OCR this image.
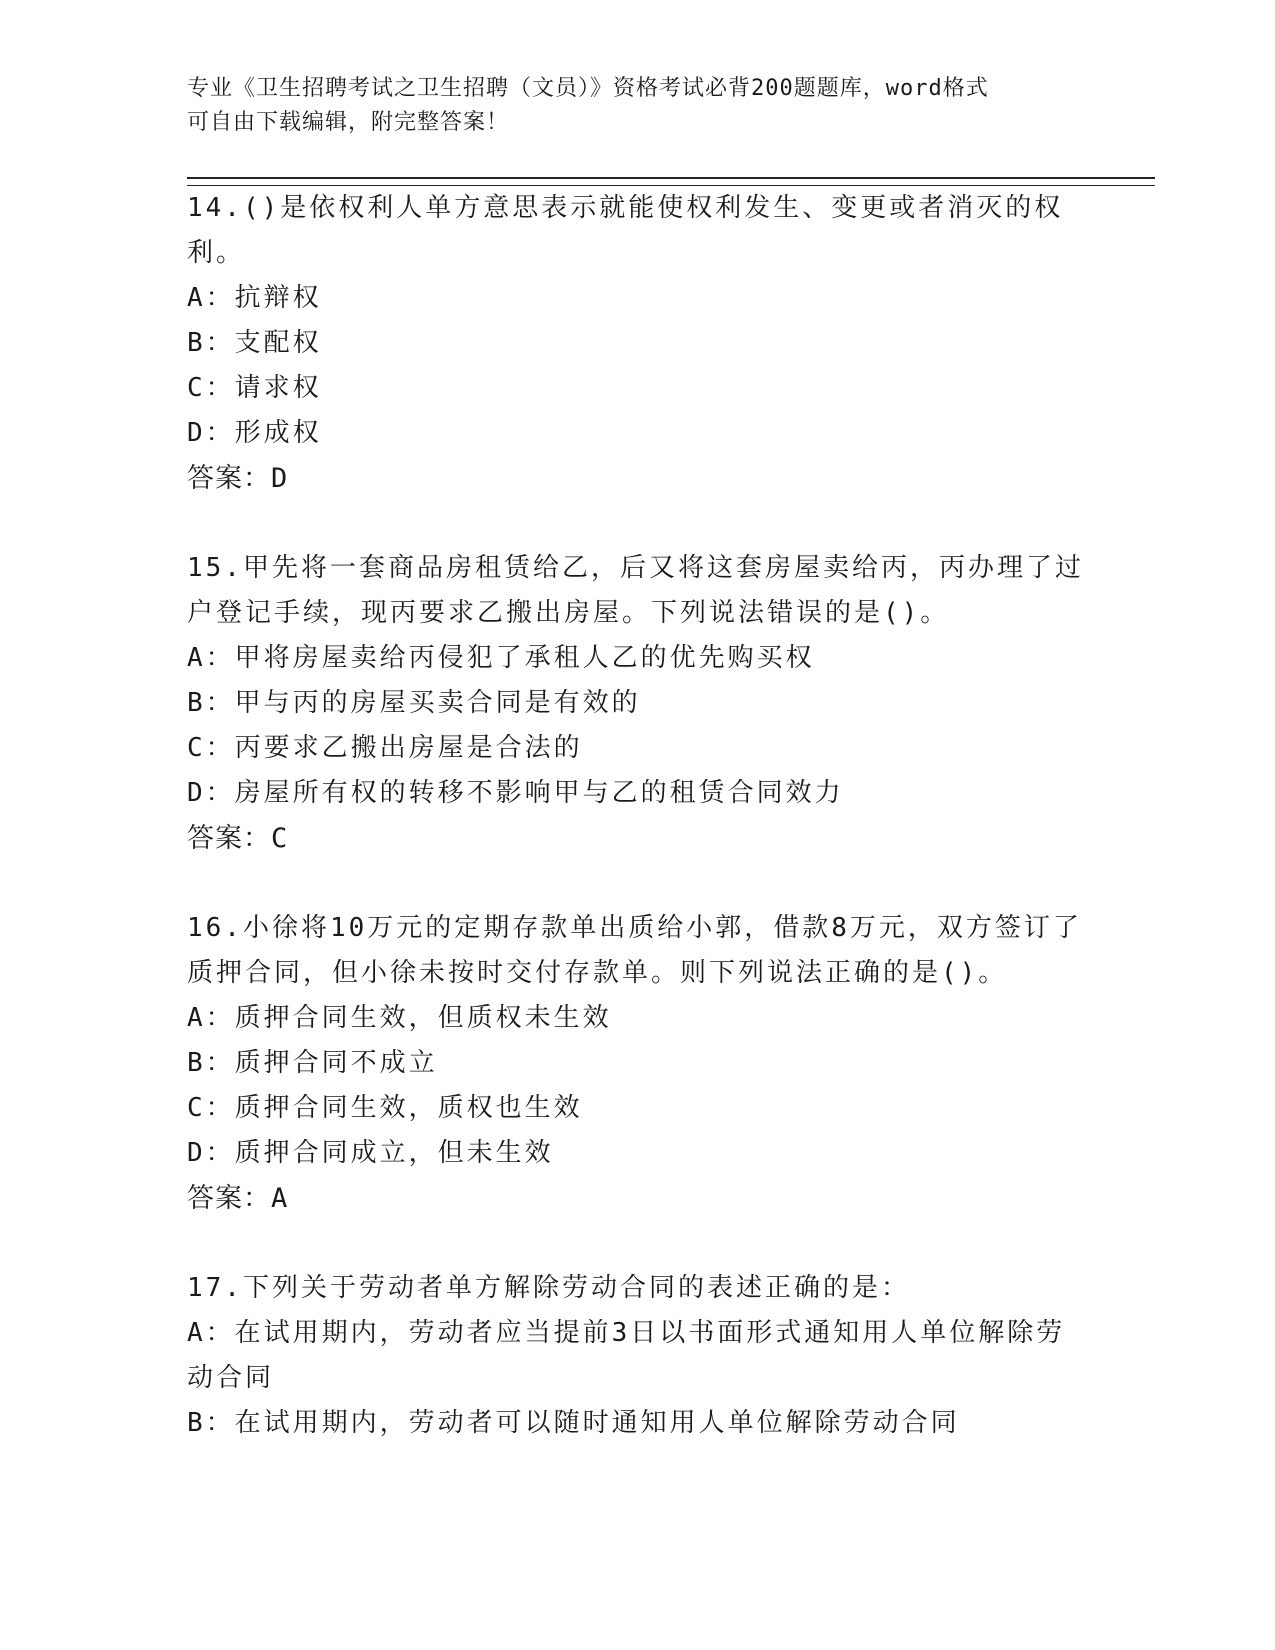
专业《卫生招聘考试之卫生招聘（文员）》资格考试必背200题题库，word格式
可自由下载编辑，附完整答案！
14.()是依权利人单方意思表示就能使权利发生、变更或者消灭的权利。
A：抗辩权
B：支配权
C：请求权
D：形成权
答案：D
15.甲先将一套商品房租赁给乙，后又将这套房屋卖给丙，丙办理了过户登记手续，现丙要求乙搬出房屋。下列说法错误的是()。
A：甲将房屋卖给丙侵犯了承租人乙的优先购买权
B：甲与丙的房屋买卖合同是有效的
C：丙要求乙搬出房屋是合法的
D：房屋所有权的转移不影响甲与乙的租赁合同效力
答案：C
16.小徐将10万元的定期存款单出质给小郭，借款8万元，双方签订了质押合同，但小徐未按时交付存款单。则下列说法正确的是()。
A：质押合同生效，但质权未生效
B：质押合同不成立
C：质押合同生效，质权也生效
D：质押合同成立，但未生效
答案：A
17.下列关于劳动者单方解除劳动合同的表述正确的是：
A：在试用期内，劳动者应当提前3日以书面形式通知用人单位解除劳动合同
B：在试用期内，劳动者可以随时通知用人单位解除劳动合同
